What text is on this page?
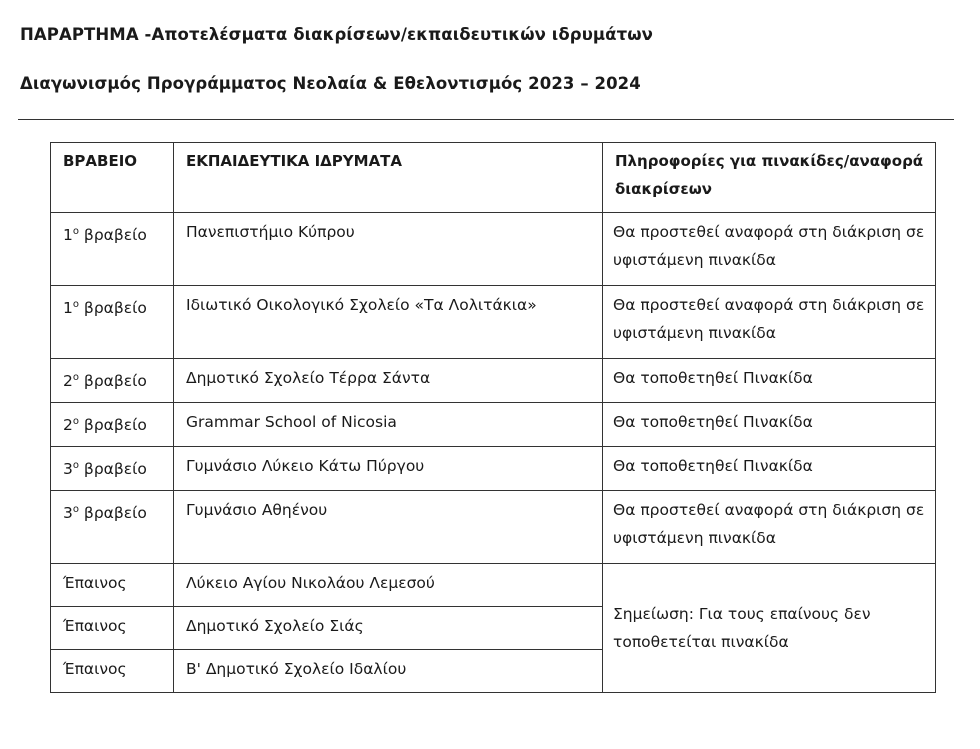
ΠΑΡΑΡΤΗΜΑ -Αποτελέσματα διακρίσεων/εκπαιδευτικών ιδρυμάτων
Διαγωνισμός Προγράμματος Νεολαία & Εθελοντισμός 2023 – 2024
ΒΡΑΒΕΙΟ	ΕΚΠΑΙΔΕΥΤΙΚΑ ΙΔΡΥΜΑΤΑ	Πληροφορίες για πινακίδες/αναφορά διακρίσεων
$1^o$ βραβείο	Πανεπιστήμιο Κύπρου	Θα προστεθεί αναφορά στη διάκριση σε υφιστάμενη πινακίδα
$1^o$ βραβείο	Ιδιωτικό Οικολογικό Σχολείο «Τα Λολιτάκια»	Θα προστεθεί αναφορά στη διάκριση σε υφιστάμενη πινακίδα
$2^o$ βραβείο	Δημοτικό Σχολείο Τέρρα Σάντα	Θα τοποθετηθεί Πινακίδα
$2^o$ βραβείο	Grammar School of Nicosia	Θα τοποθετηθεί Πινακίδα
$3^o$ βραβείο	Γυμνάσιο Λύκειο Κάτω Πύργου	Θα τοποθετηθεί Πινακίδα
$3^o$ βραβείο	Γυμνάσιο Αθηένου	Θα προστεθεί αναφορά στη διάκριση σε υφιστάμενη πινακίδα
Έπαινος	Λύκειο Αγίου Νικολάου Λεμεσού	Σημείωση: Για τους επαίνους δεν τοποθετείται πινακίδα
Έπαινος	Δημοτικό Σχολείο Σιάς	
Έπαινος	Β' Δημοτικό Σχολείο Ιδαλίου	
